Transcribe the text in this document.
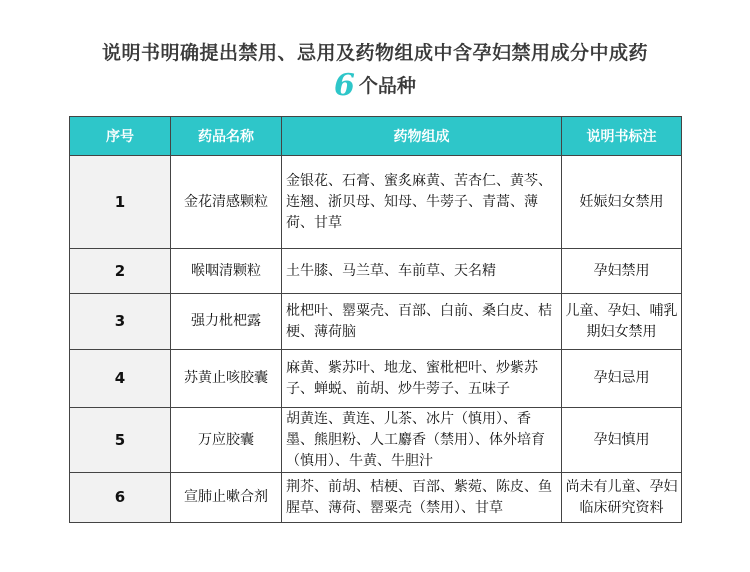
说明书明确提出禁用、忌用及药物组成中含孕妇禁用成分中成药
6 个品种
序号	药品名称	药物组成	说明书标注
1	金花清感颗粒	金银花、石膏、蜜炙麻黄、苦杏仁、黄芩、连翘、浙贝母、知母、牛蒡子、青蒿、薄荷、甘草	妊娠妇女禁用
2	喉咽清颗粒	土牛膝、马兰草、车前草、天名精	孕妇禁用
3	强力枇杷露	枇杷叶、罂粟壳、百部、白前、桑白皮、桔梗、薄荷脑	儿童、孕妇、哺乳期妇女禁用
4	苏黄止咳胶囊	麻黄、紫苏叶、地龙、蜜枇杷叶、炒紫苏子、蝉蜕、前胡、炒牛蒡子、五味子	孕妇忌用
5	万应胶囊	胡黄连、黄连、儿茶、冰片（慎用）、香墨、熊胆粉、人工麝香（禁用）、体外培育（慎用）、牛黄、牛胆汁	孕妇慎用
6	宣肺止嗽合剂	荆芥、前胡、桔梗、百部、紫菀、陈皮、鱼腥草、薄荷、罂粟壳（禁用）、甘草	尚未有儿童、孕妇临床研究资料
